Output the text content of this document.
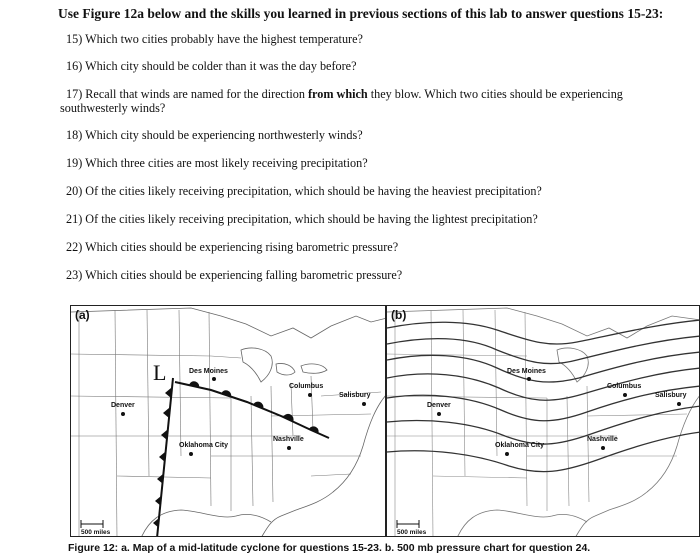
Use Figure 12a below and the skills you learned in previous sections of this lab to answer questions 15-23:
15) Which two cities probably have the highest temperature?
16) Which city should be colder than it was the day before?
17) Recall that winds are named for the direction from which they blow. Which two cities should be experiencing
southwesterly winds?
18) Which city should be experiencing northwesterly winds?
19) Which three cities are most likely receiving precipitation?
20) Of the cities likely receiving precipitation, which should be having the heaviest precipitation?
21) Of the cities likely receiving precipitation, which should be having the lightest precipitation?
22) Which cities should be experiencing rising barometric pressure?
23) Which cities should be experiencing falling barometric pressure?
(a)
L	Des Moines
Columbus
Salisbury
Denver
Nashville
Oklahoma City
500 miles
(b)
Des Moines
Columbus
Salisbury
Denver
Nashville
Oklahoma City
500 miles
Figure 12: a. Map of a mid-latitude cyclone for questions 15-23. b. 500 mb pressure chart for question 24.
